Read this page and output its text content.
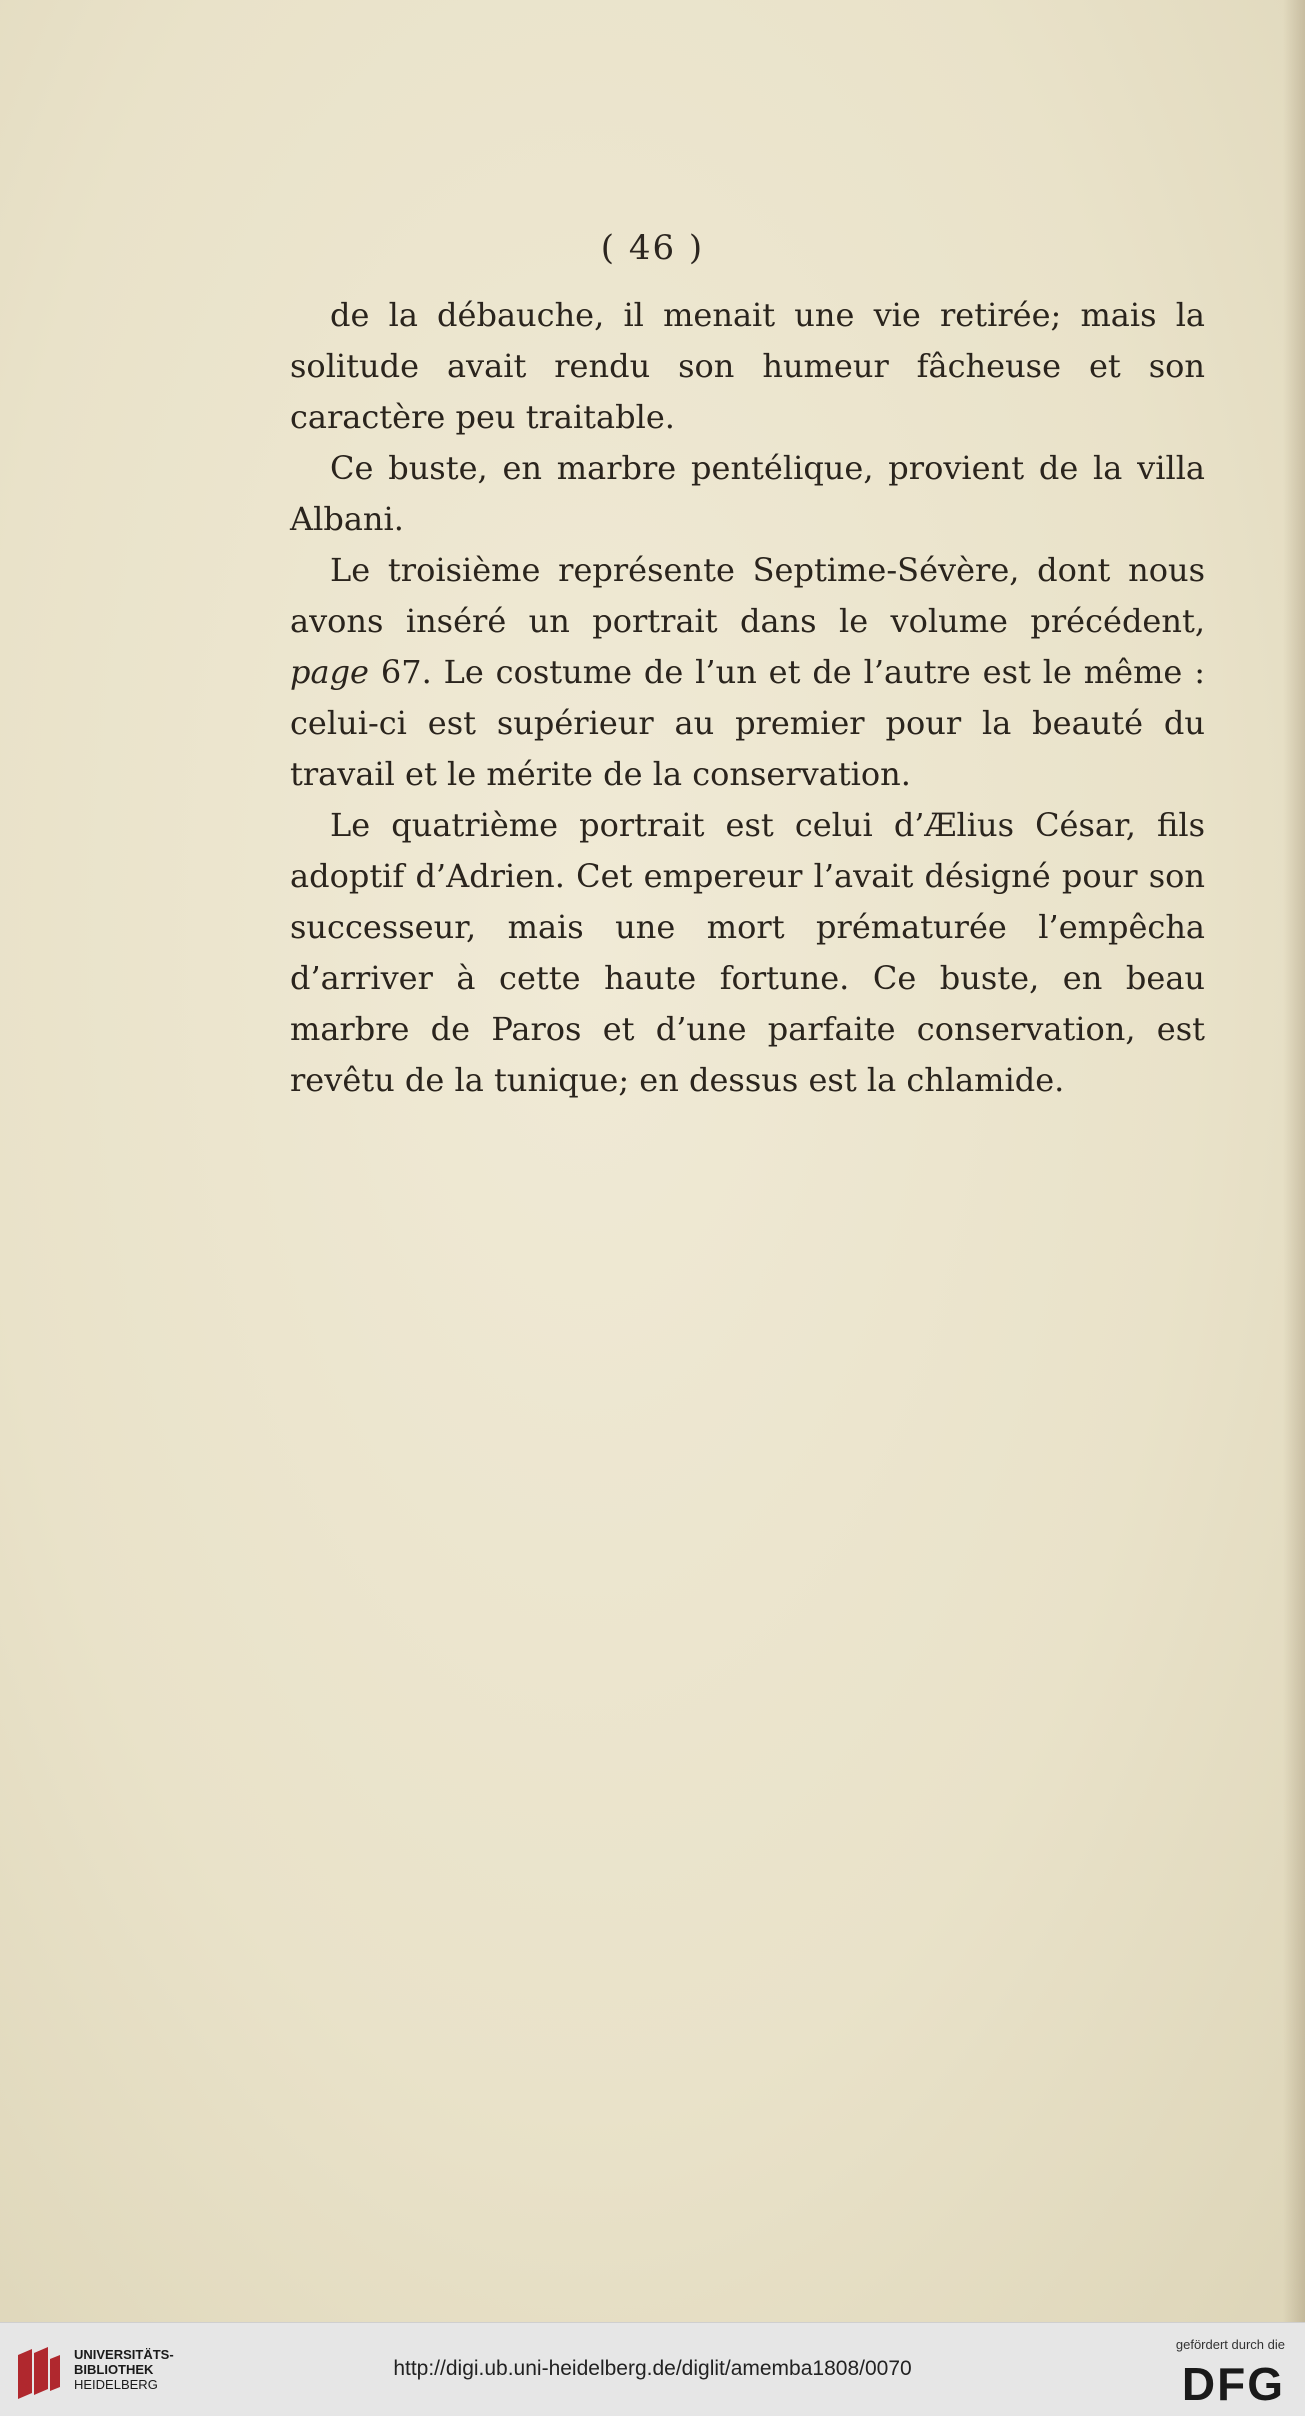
( 46 )

de la débauche, il menait une vie retirée; mais la solitude avait rendu son humeur fâcheuse et son caractère peu traitable.

Ce buste, en marbre pentélique, provient de la villa Albani.

Le troisième représente Septime-Sévère, dont nous avons inséré un portrait dans le volume précédent, page 67. Le costume de l’un et de l’autre est le même : celui-ci est supérieur au premier pour la beauté du travail et le mérite de la conservation.

Le quatrième portrait est celui d’Ælius César, fils adoptif d’Adrien. Cet empereur l’avait désigné pour son successeur, mais une mort prématurée l’empêcha d’arriver à cette haute fortune. Ce buste, en beau marbre de Paros et d’une parfaite conservation, est revêtu de la tunique; en dessus est la chlamide.

UNIVERSITÄTS-
BIBLIOTHEK
HEIDELBERG
http://digi.ub.uni-heidelberg.de/diglit/amemba1808/0070
gefördert durch die
DFG
